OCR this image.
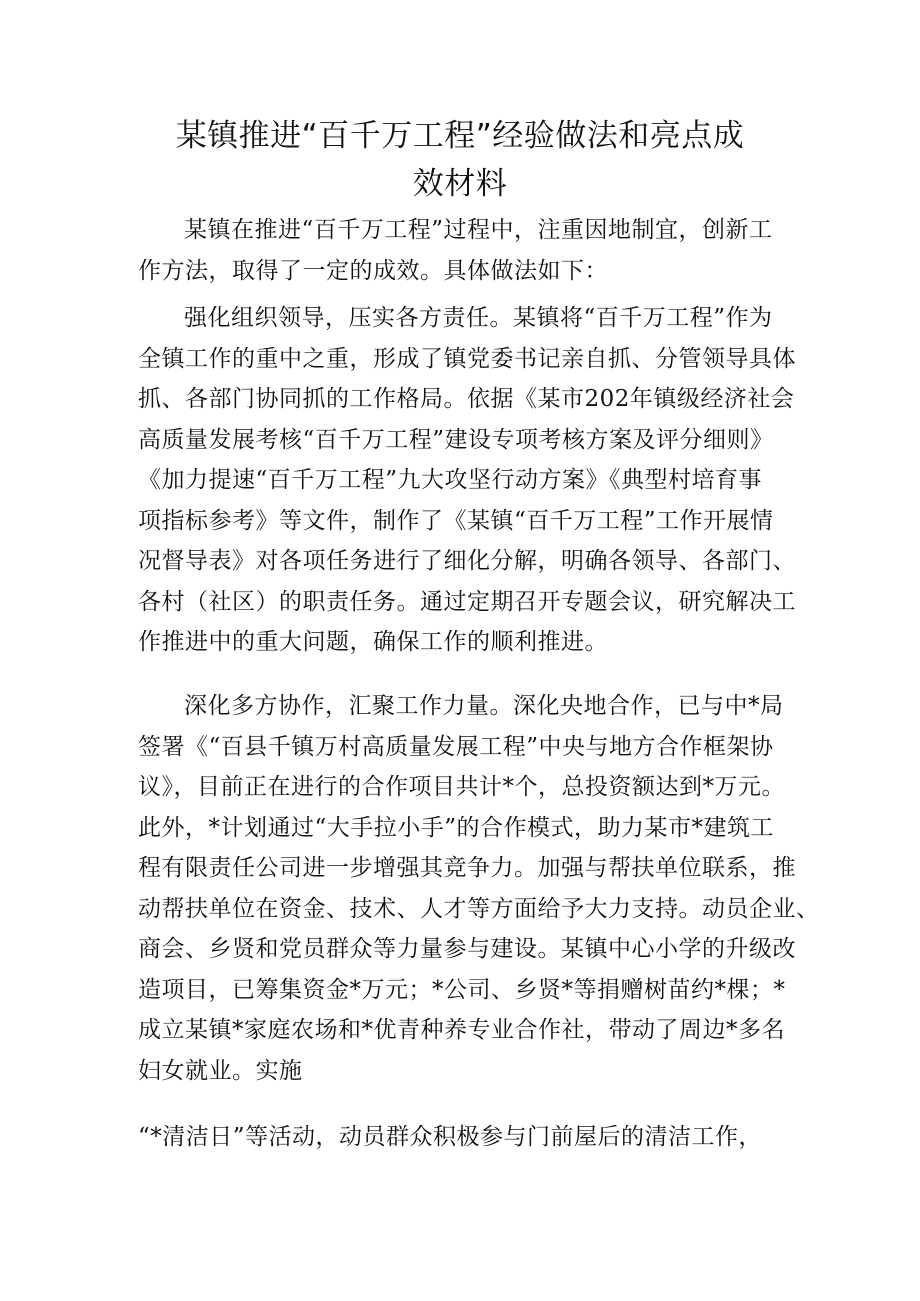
某镇推进“百千万工程”经验做法和亮点成
效材料
某镇在推进“百千万工程”过程中，注重因地制宜，创新工
作方法，取得了一定的成效。具体做法如下：
强化组织领导，压实各方责任。某镇将“百千万工程”作为
全镇工作的重中之重，形成了镇党委书记亲自抓、分管领导具体
抓、各部门协同抓的工作格局。依据《某市202年镇级经济社会
高质量发展考核“百千万工程”建设专项考核方案及评分细则》
《加力提速“百千万工程”九大攻坚行动方案》《典型村培育事
项指标参考》等文件，制作了《某镇“百千万工程”工作开展情
况督导表》对各项任务进行了细化分解，明确各领导、各部门、
各村（社区）的职责任务。通过定期召开专题会议，研究解决工
作推进中的重大问题，确保工作的顺利推进。
深化多方协作，汇聚工作力量。深化央地合作，已与中*局
签署《“百县千镇万村高质量发展工程”中央与地方合作框架协
议》，目前正在进行的合作项目共计*个，总投资额达到*万元。
此外，*计划通过“大手拉小手”的合作模式，助力某市*建筑工
程有限责任公司进一步增强其竞争力。加强与帮扶单位联系，推
动帮扶单位在资金、技术、人才等方面给予大力支持。动员企业、
商会、乡贤和党员群众等力量参与建设。某镇中心小学的升级改
造项目，已筹集资金*万元；*公司、乡贤*等捐赠树苗约*棵；*
成立某镇*家庭农场和*优青种养专业合作社，带动了周边*多名
妇女就业。实施
“*清洁日”等活动，动员群众积极参与门前屋后的清洁工作，
